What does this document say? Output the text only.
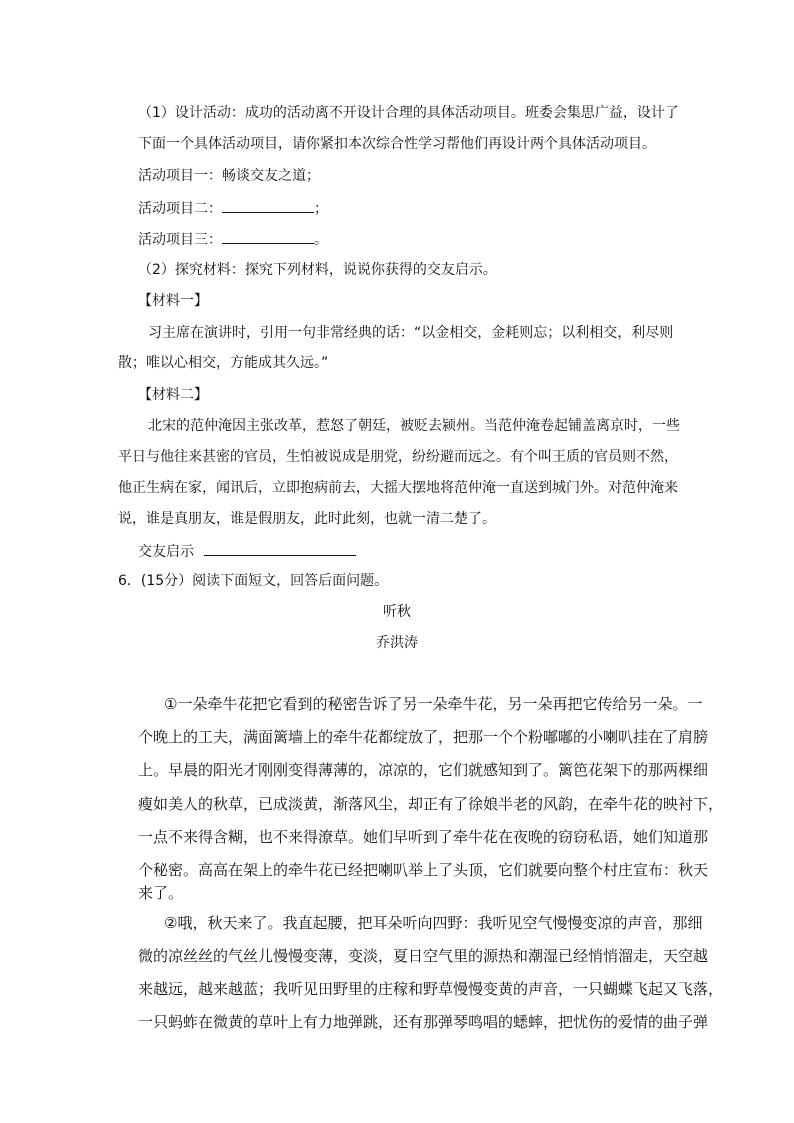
（1）设计活动：成功的活动离不开设计合理的具体活动项目。班委会集思广益，设计了
下面一个具体活动项目，请你紧扣本次综合性学习帮他们再设计两个具体活动项目。
活动项目一：畅谈交友之道；
活动项目二：	；
活动项目三：	。
（2）探究材料：探究下列材料，说说你获得的交友启示。
【材料一】
习主席在演讲时，引用一句非常经典的话：“以金相交，金耗则忘；以利相交，利尽则
散；唯以心相交，方能成其久远。”
【材料二】
北宋的范仲淹因主张改革，惹怒了朝廷，被贬去颍州。当范仲淹卷起铺盖离京时，一些
平日与他往来甚密的官员，生怕被说成是朋党，纷纷避而远之。有个叫王质的官员则不然，
他正生病在家，闻讯后，立即抱病前去，大摇大摆地将范仲淹一直送到城门外。对范仲淹来
说，谁是真朋友，谁是假朋友，此时此刻，也就一清二楚了。
交友启示
6．(15分）阅读下面短文，回答后面问题。
听秋
乔洪涛
①一朵牵牛花把它看到的秘密告诉了另一朵牵牛花，另一朵再把它传给另一朵。一
个晚上的工夫，满面篱墙上的牵牛花都绽放了，把那一个个粉嘟嘟的小喇叭挂在了肩膀
上。早晨的阳光才刚刚变得薄薄的，凉凉的，它们就感知到了。篱笆花架下的那两棵细
瘦如美人的秋草，已成淡黄，渐落风尘，却正有了徐娘半老的风韵，在牵牛花的映衬下，
一点不来得含糊，也不来得潦草。她们早听到了牵牛花在夜晚的窃窃私语，她们知道那
个秘密。高高在架上的牵牛花已经把喇叭举上了头顶，它们就要向整个村庄宣布：秋天
来了。
②哦，秋天来了。我直起腰，把耳朵听向四野：我听见空气慢慢变凉的声音，那细
微的凉丝丝的气丝儿慢慢变薄，变淡，夏日空气里的源热和潮湿已经悄悄溜走，天空越
来越远，越来越蓝；我听见田野里的庄稼和野草慢慢变黄的声音，一只蝴蝶飞起又飞落，
一只蚂蚱在微黄的草叶上有力地弹跳，还有那弹琴鸣唱的蟋蟀，把忧伤的爱情的曲子弹
